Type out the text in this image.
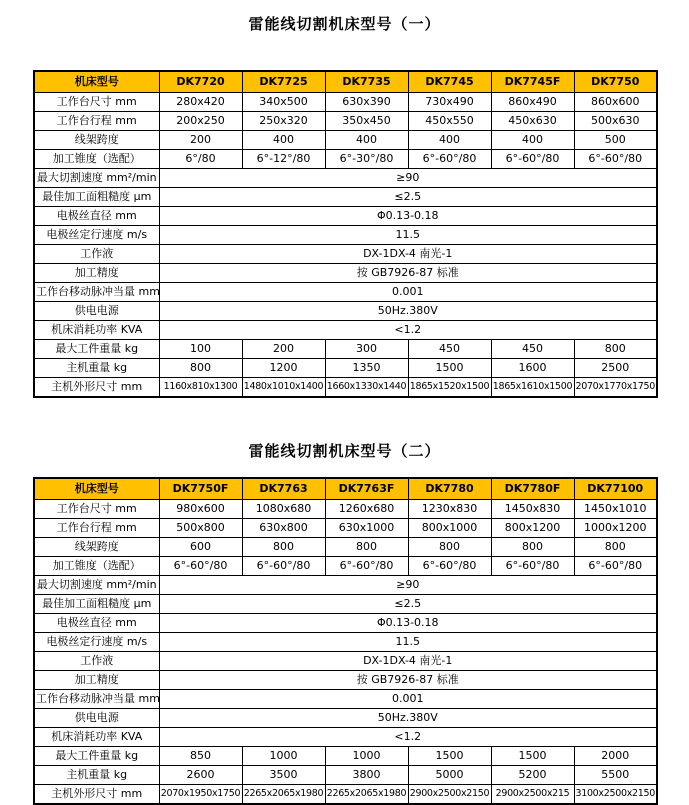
雷能线切割机床型号（一）
机床型号	DK7720	DK7725	DK7735	DK7745	DK7745F	DK7750
工作台尺寸 mm	280x420	340x500	630x390	730x490	860x490	860x600
工作台行程 mm	200x250	250x320	350x450	450x550	450x630	500x630
线架跨度	200	400	400	400	400	500
加工锥度（选配）	6°/80	6°-12°/80	6°-30°/80	6°-60°/80	6°-60°/80	6°-60°/80
最大切割速度 mm²/min	≥90					
最佳加工面粗糙度 μm	≤2.5					
电极丝直径 mm	Φ0.13-0.18					
电极丝定行速度 m/s	11.5					
工作液	DX-1DX-4 南光-1					
加工精度	按 GB7926-87 标准					
工作台移动脉冲当量 mm	0.001					
供电电源	50Hz.380V					
机床消耗功率 KVA	<1.2					
最大工件重量 kg	100	200	300	450	450	800
主机重量 kg	800	1200	1350	1500	1600	2500
主机外形尺寸 mm	1160x810x1300	1480x1010x1400	1660x1330x1440	1865x1520x1500	1865x1610x1500	2070x1770x1750
雷能线切割机床型号（二）
机床型号	DK7750F	DK7763	DK7763F	DK7780	DK7780F	DK77100
工作台尺寸 mm	980x600	1080x680	1260x680	1230x830	1450x830	1450x1010
工作台行程 mm	500x800	630x800	630x1000	800x1000	800x1200	1000x1200
线架跨度	600	800	800	800	800	800
加工锥度（选配）	6°-60°/80	6°-60°/80	6°-60°/80	6°-60°/80	6°-60°/80	6°-60°/80
最大切割速度 mm²/min	≥90					
最佳加工面粗糙度 μm	≤2.5					
电极丝直径 mm	Φ0.13-0.18					
电极丝定行速度 m/s	11.5					
工作液	DX-1DX-4 南光-1					
加工精度	按 GB7926-87 标准					
工作台移动脉冲当量 mm	0.001					
供电电源	50Hz.380V					
机床消耗功率 KVA	<1.2					
最大工件重量 kg	850	1000	1000	1500	1500	2000
主机重量 kg	2600	3500	3800	5000	5200	5500
主机外形尺寸 mm	2070x1950x1750	2265x2065x1980	2265x2065x1980	2900x2500x2150	2900x2500x215	3100x2500x2150
